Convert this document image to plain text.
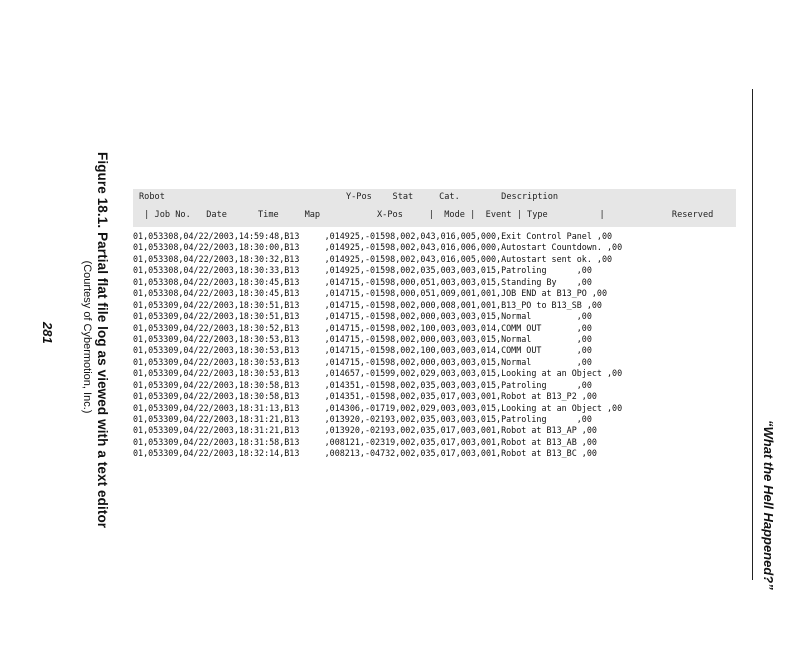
Figure 18.1. Partial flat file log as viewed with a text editor
(Courtesy of Cybermotion, Inc.)
281
“What the Hell Happened?”
Robot                                   Y-Pos    Stat     Cat.        Description
| Job No.   Date      Time     Map           X-Pos     |  Mode |  Event | Type          |             Reserved
01,053308,04/22/2003,14:59:48,B13	,014925,-01598,002,043,016,005,000,Exit Control Panel ,00
01,053308,04/22/2003,18:30:00,B13	,014925,-01598,002,043,016,006,000,Autostart Countdown. ,00
01,053308,04/22/2003,18:30:32,B13	,014925,-01598,002,043,016,005,000,Autostart sent ok. ,00
01,053308,04/22/2003,18:30:33,B13	,014925,-01598,002,035,003,003,015,Patroling	,00
01,053308,04/22/2003,18:30:45,B13	,014715,-01598,000,051,003,003,015,Standing By ,00
01,053308,04/22/2003,18:30:45,B13	,014715,-01598,000,051,009,001,001,JOB END at B13_PO ,00
01,053309,04/22/2003,18:30:51,B13	,014715,-01598,002,000,008,001,001,B13_PO to B13_SB ,00
01,053309,04/22/2003,18:30:51,B13	,014715,-01598,002,000,003,003,015,Normal	,00
01,053309,04/22/2003,18:30:52,B13	,014715,-01598,002,100,003,003,014,COMM OUT	,00
01,053309,04/22/2003,18:30:53,B13	,014715,-01598,002,000,003,003,015,Normal	,00
01,053309,04/22/2003,18:30:53,B13	,014715,-01598,002,100,003,003,014,COMM OUT	,00
01,053309,04/22/2003,18:30:53,B13	,014715,-01598,002,000,003,003,015,Normal	,00
01,053309,04/22/2003,18:30:53,B13	,014657,-01599,002,029,003,003,015,Looking at an Object ,00
01,053309,04/22/2003,18:30:58,B13	,014351,-01598,002,035,003,003,015,Patroling	,00
01,053309,04/22/2003,18:30:58,B13	,014351,-01598,002,035,017,003,001,Robot at B13_P2 ,00
01,053309,04/22/2003,18:31:13,B13	,014306,-01719,002,029,003,003,015,Looking at an Object ,00
01,053309,04/22/2003,18:31:21,B13	,013920,-02193,002,035,003,003,015,Patroling	,00
01,053309,04/22/2003,18:31:21,B13	,013920,-02193,002,035,017,003,001,Robot at B13_AP ,00
01,053309,04/22/2003,18:31:58,B13	,008121,-02319,002,035,017,003,001,Robot at B13_AB ,00
01,053309,04/22/2003,18:32:14,B13	,008213,-04732,002,035,017,003,001,Robot at B13_BC ,00
